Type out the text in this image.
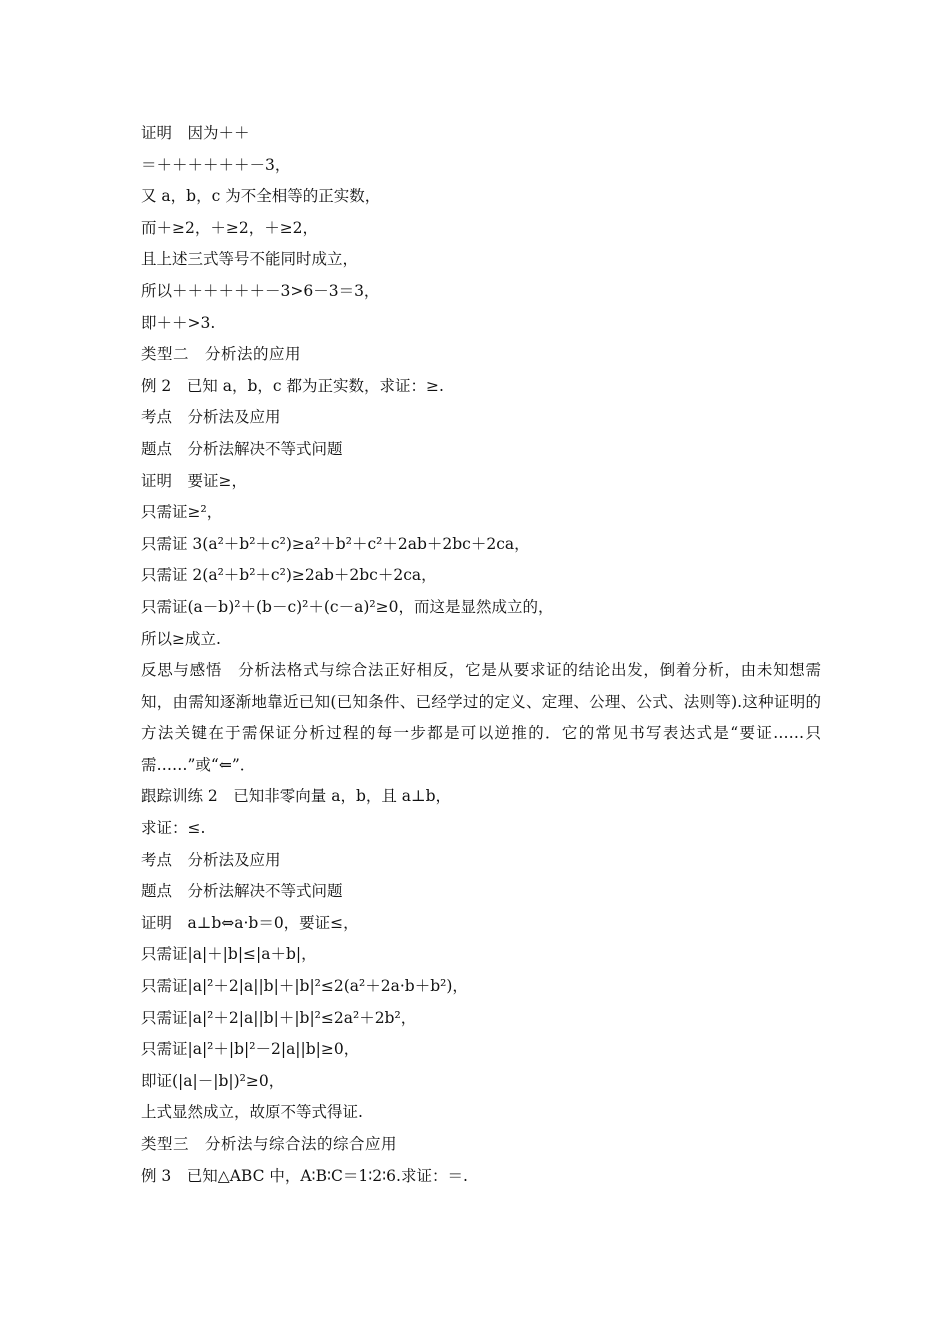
证明　因为＋＋
＝＋＋＋＋＋＋－3，
又 a，b，c 为不全相等的正实数，
而＋≥2，＋≥2，＋≥2，
且上述三式等号不能同时成立，
所以＋＋＋＋＋＋－3>6－3＝3，
即＋＋>3.
类型二　分析法的应用
例 2　已知 a，b，c 都为正实数，求证：≥.
考点　分析法及应用
题点　分析法解决不等式问题
证明　要证≥，
只需证≥²，
只需证 3(a²＋b²＋c²)≥a²＋b²＋c²＋2ab＋2bc＋2ca，
只需证 2(a²＋b²＋c²)≥2ab＋2bc＋2ca，
只需证(a－b)²＋(b－c)²＋(c－a)²≥0，而这是显然成立的，
所以≥成立.
反思与感悟　分析法格式与综合法正好相反，它是从要求证的结论出发，倒着分析，由未知想需知，由需知逐渐地靠近已知(已知条件、已经学过的定义、定理、公理、公式、法则等).这种证明的方法关键在于需保证分析过程的每一步都是可以逆推的．它的常见书写表达式是“要证……只需……”或“⇐”．
跟踪训练 2　已知非零向量 a，b，且 a⊥b，
求证：≤.
考点　分析法及应用
题点　分析法解决不等式问题
证明　a⊥b⇔a·b＝0，要证≤，
只需证|a|＋|b|≤|a＋b|，
只需证|a|²＋2|a||b|＋|b|²≤2(a²＋2a·b＋b²)，
只需证|a|²＋2|a||b|＋|b|²≤2a²＋2b²，
只需证|a|²＋|b|²－2|a||b|≥0，
即证(|a|－|b|)²≥0，
上式显然成立，故原不等式得证.
类型三　分析法与综合法的综合应用
例 3　已知△ABC 中，A∶B∶C＝1∶2∶6.求证：＝.
